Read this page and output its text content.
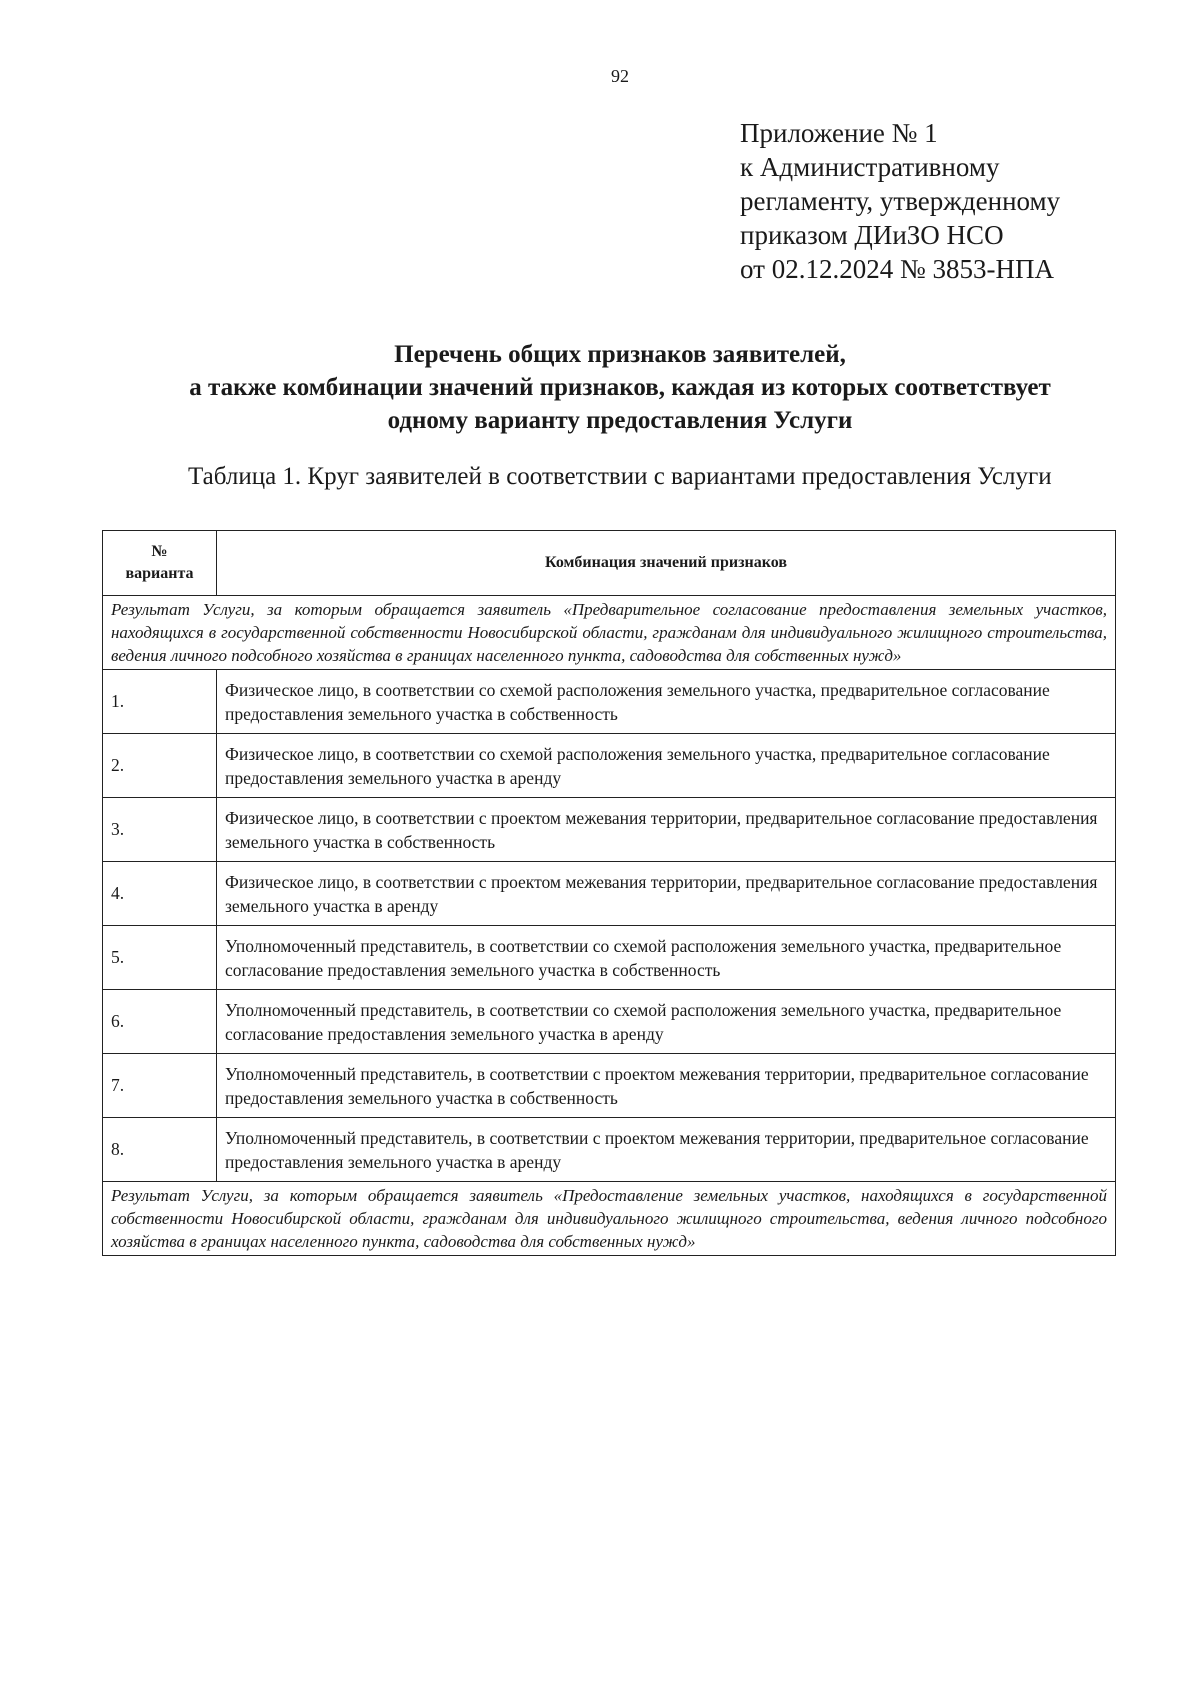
92
Приложение № 1
к Административному
регламенту, утвержденному
приказом ДИиЗО НСО
от 02.12.2024 № 3853-НПА
Перечень общих признаков заявителей,
а также комбинации значений признаков, каждая из которых соответствует
одному варианту предоставления Услуги
Таблица 1. Круг заявителей в соответствии с вариантами предоставления Услуги
№
варианта	Комбинация значений признаков
Результат Услуги, за которым обращается заявитель «Предварительное согласование предоставления земельных участков, находящихся в государственной собственности Новосибирской области, гражданам для индивидуального жилищного строительства, ведения личного подсобного хозяйства в границах населенного пункта, садоводства для собственных нужд»	
1.	Физическое лицо, в соответствии со схемой расположения земельного участка, предварительное согласование предоставления земельного участка в собственность
2.	Физическое лицо, в соответствии со схемой расположения земельного участка, предварительное согласование предоставления земельного участка в аренду
3.	Физическое лицо, в соответствии с проектом межевания территории, предварительное согласование предоставления земельного участка в собственность
4.	Физическое лицо, в соответствии с проектом межевания территории, предварительное согласование предоставления земельного участка в аренду
5.	Уполномоченный представитель, в соответствии со схемой расположения земельного участка, предварительное согласование предоставления земельного участка в собственность
6.	Уполномоченный представитель, в соответствии со схемой расположения земельного участка, предварительное согласование предоставления земельного участка в аренду
7.	Уполномоченный представитель, в соответствии с проектом межевания территории, предварительное согласование предоставления земельного участка в собственность
8.	Уполномоченный представитель, в соответствии с проектом межевания территории, предварительное согласование предоставления земельного участка в аренду
Результат Услуги, за которым обращается заявитель «Предоставление земельных участков, находящихся в государственной собственности Новосибирской области, гражданам для индивидуального жилищного строительства, ведения личного подсобного хозяйства в границах населенного пункта, садоводства для собственных нужд»	
